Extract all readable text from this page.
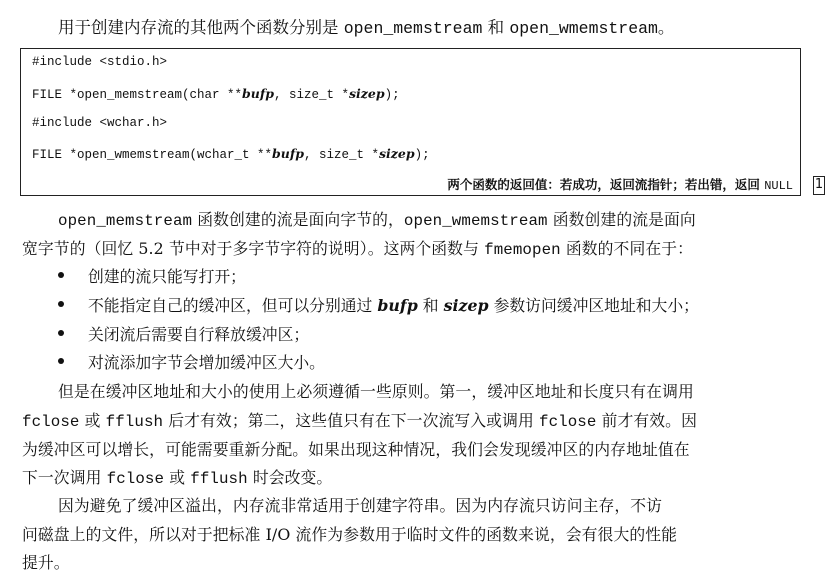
用于创建内存流的其他两个函数分别是 open_memstream 和 open_wmemstream。
#include <stdio.h>
FILE *open_memstream(char **bufp, size_t *sizep);
#include <wchar.h>
FILE *open_wmemstream(wchar_t **bufp, size_t *sizep);
两个函数的返回值：若成功，返回流指针；若出错，返回 NULL 1
open_memstream 函数创建的流是面向字节的，open_wmemstream 函数创建的流是面向
宽字节的（回忆 5.2 节中对于多字节字符的说明）。这两个函数与 fmemopen 函数的不同在于：
创建的流只能写打开；
不能指定自己的缓冲区，但可以分别通过 bufp 和 sizep 参数访问缓冲区地址和大小；
关闭流后需要自行释放缓冲区；
对流添加字节会增加缓冲区大小。
但是在缓冲区地址和大小的使用上必须遵循一些原则。第一，缓冲区地址和长度只有在调用
fclose 或 fflush 后才有效；第二，这些值只有在下一次流写入或调用 fclose 前才有效。因
为缓冲区可以增长，可能需要重新分配。如果出现这种情况，我们会发现缓冲区的内存地址值在
下一次调用 fclose 或 fflush 时会改变。
因为避免了缓冲区溢出，内存流非常适用于创建字符串。因为内存流只访问主存，不访
问磁盘上的文件，所以对于把标准 I/O 流作为参数用于临时文件的函数来说，会有很大的性能
提升。
